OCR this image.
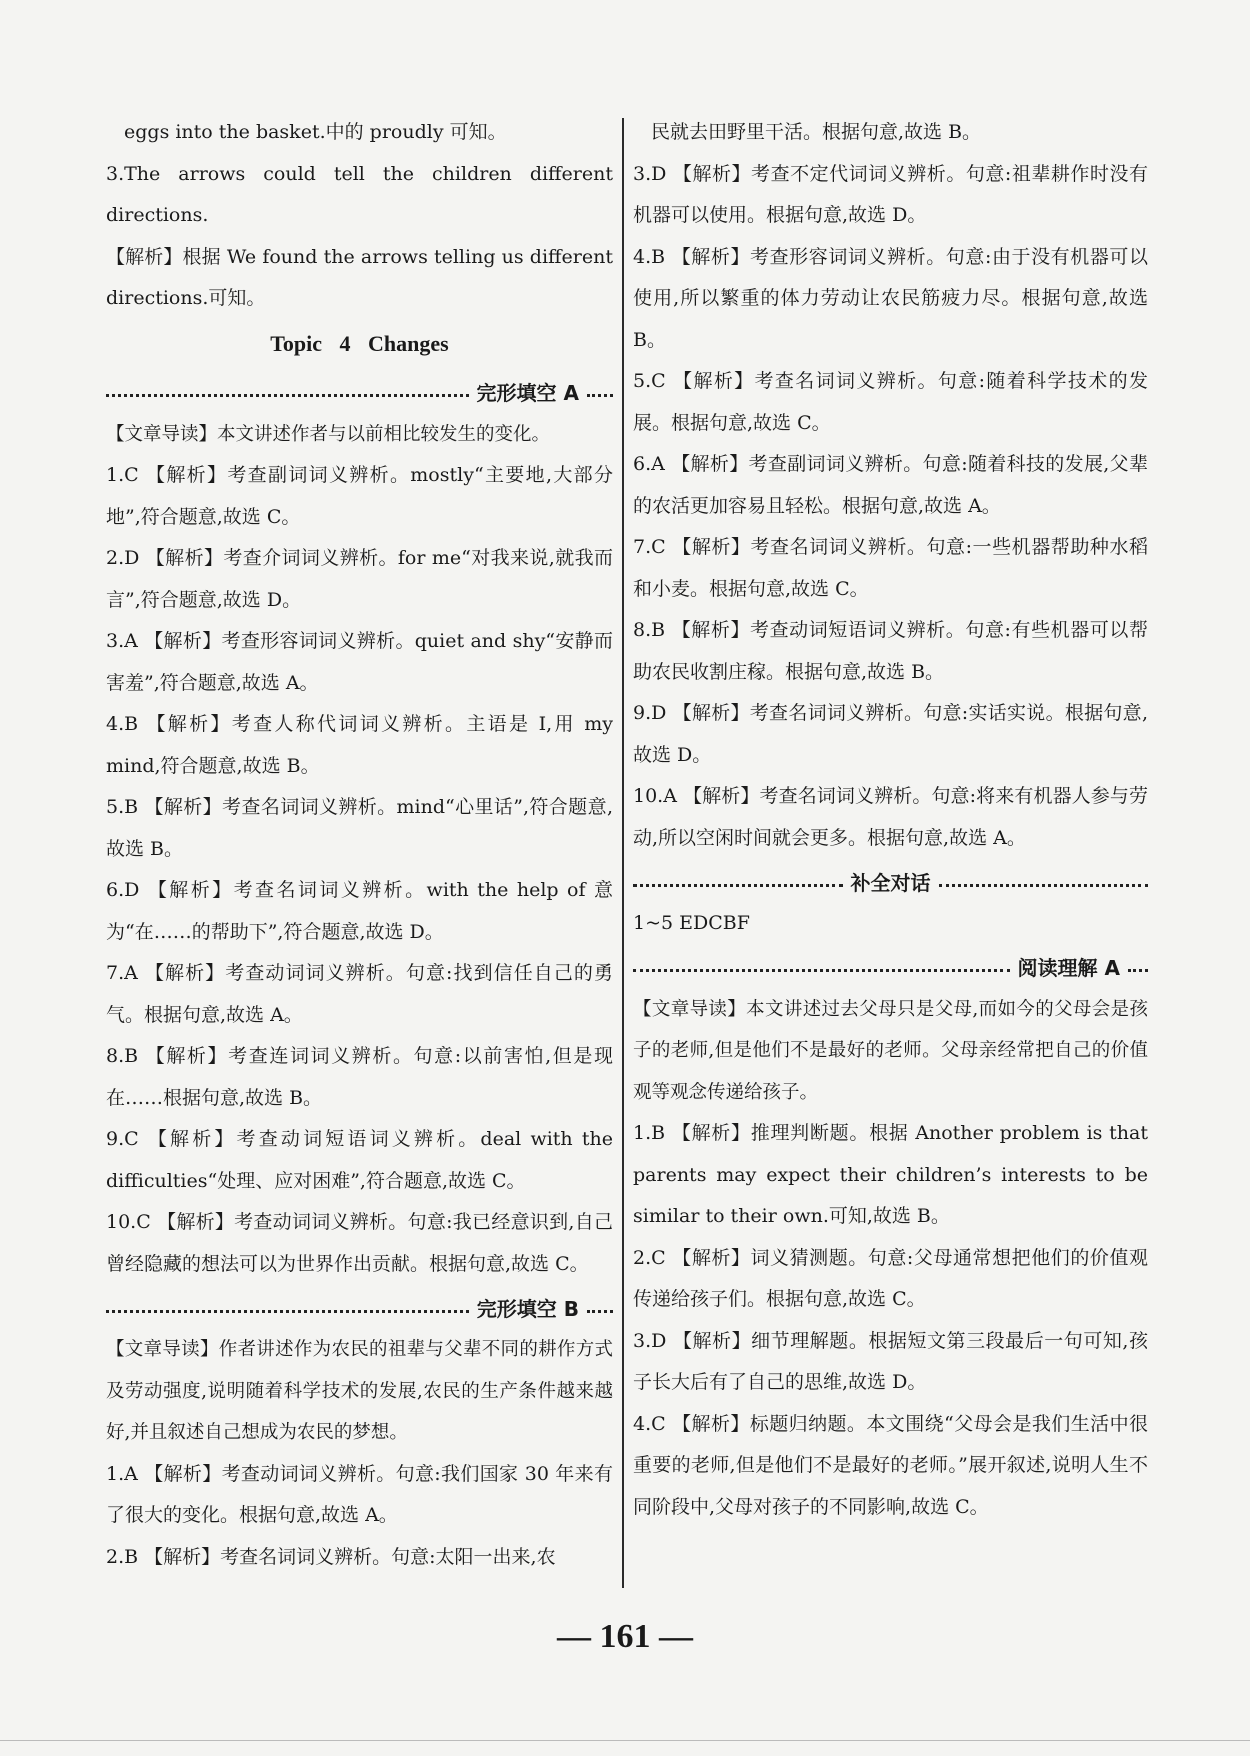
eggs into the basket.中的 proudly 可知。

3.The arrows could tell the children different directions.

【解析】根据 We found the arrows telling us different directions.可知。

Topic 4 Changes
完形填空 A

【文章导读】本文讲述作者与以前相比较发生的变化。

1.C 【解析】考查副词词义辨析。mostly“主要地,大部分地”,符合题意,故选 C。

2.D 【解析】考查介词词义辨析。for me“对我来说,就我而言”,符合题意,故选 D。

3.A 【解析】考查形容词词义辨析。quiet and shy“安静而害羞”,符合题意,故选 A。

4.B 【解析】考查人称代词词义辨析。主语是 I,用 my mind,符合题意,故选 B。

5.B 【解析】考查名词词义辨析。mind“心里话”,符合题意,故选 B。

6.D 【解析】考查名词词义辨析。with the help of 意为“在……的帮助下”,符合题意,故选 D。

7.A 【解析】考查动词词义辨析。句意:找到信任自己的勇气。根据句意,故选 A。

8.B 【解析】考查连词词义辨析。句意:以前害怕,但是现在……根据句意,故选 B。

9.C 【解析】考查动词短语词义辨析。deal with the difficulties“处理、应对困难”,符合题意,故选 C。

10.C 【解析】考查动词词义辨析。句意:我已经意识到,自己曾经隐藏的想法可以为世界作出贡献。根据句意,故选 C。

完形填空 B

【文章导读】作者讲述作为农民的祖辈与父辈不同的耕作方式及劳动强度,说明随着科学技术的发展,农民的生产条件越来越好,并且叙述自己想成为农民的梦想。

1.A 【解析】考查动词词义辨析。句意:我们国家 30 年来有了很大的变化。根据句意,故选 A。

2.B 【解析】考查名词词义辨析。句意:太阳一出来,农

民就去田野里干活。根据句意,故选 B。

3.D 【解析】考查不定代词词义辨析。句意:祖辈耕作时没有机器可以使用。根据句意,故选 D。

4.B 【解析】考查形容词词义辨析。句意:由于没有机器可以使用,所以繁重的体力劳动让农民筋疲力尽。根据句意,故选 B。

5.C 【解析】考查名词词义辨析。句意:随着科学技术的发展。根据句意,故选 C。

6.A 【解析】考查副词词义辨析。句意:随着科技的发展,父辈的农活更加容易且轻松。根据句意,故选 A。

7.C 【解析】考查名词词义辨析。句意:一些机器帮助种水稻和小麦。根据句意,故选 C。

8.B 【解析】考查动词短语词义辨析。句意:有些机器可以帮助农民收割庄稼。根据句意,故选 B。

9.D 【解析】考查名词词义辨析。句意:实话实说。根据句意,故选 D。

10.A 【解析】考查名词词义辨析。句意:将来有机器人参与劳动,所以空闲时间就会更多。根据句意,故选 A。

补全对话

1~5 EDCBF

阅读理解 A

【文章导读】本文讲述过去父母只是父母,而如今的父母会是孩子的老师,但是他们不是最好的老师。父母亲经常把自己的价值观等观念传递给孩子。

1.B 【解析】推理判断题。根据 Another problem is that parents may expect their children’s interests to be similar to their own.可知,故选 B。

2.C 【解析】词义猜测题。句意:父母通常想把他们的价值观传递给孩子们。根据句意,故选 C。

3.D 【解析】细节理解题。根据短文第三段最后一句可知,孩子长大后有了自己的思维,故选 D。

4.C 【解析】标题归纳题。本文围绕“父母会是我们生活中很重要的老师,但是他们不是最好的老师。”展开叙述,说明人生不同阶段中,父母对孩子的不同影响,故选 C。

— 161 —
